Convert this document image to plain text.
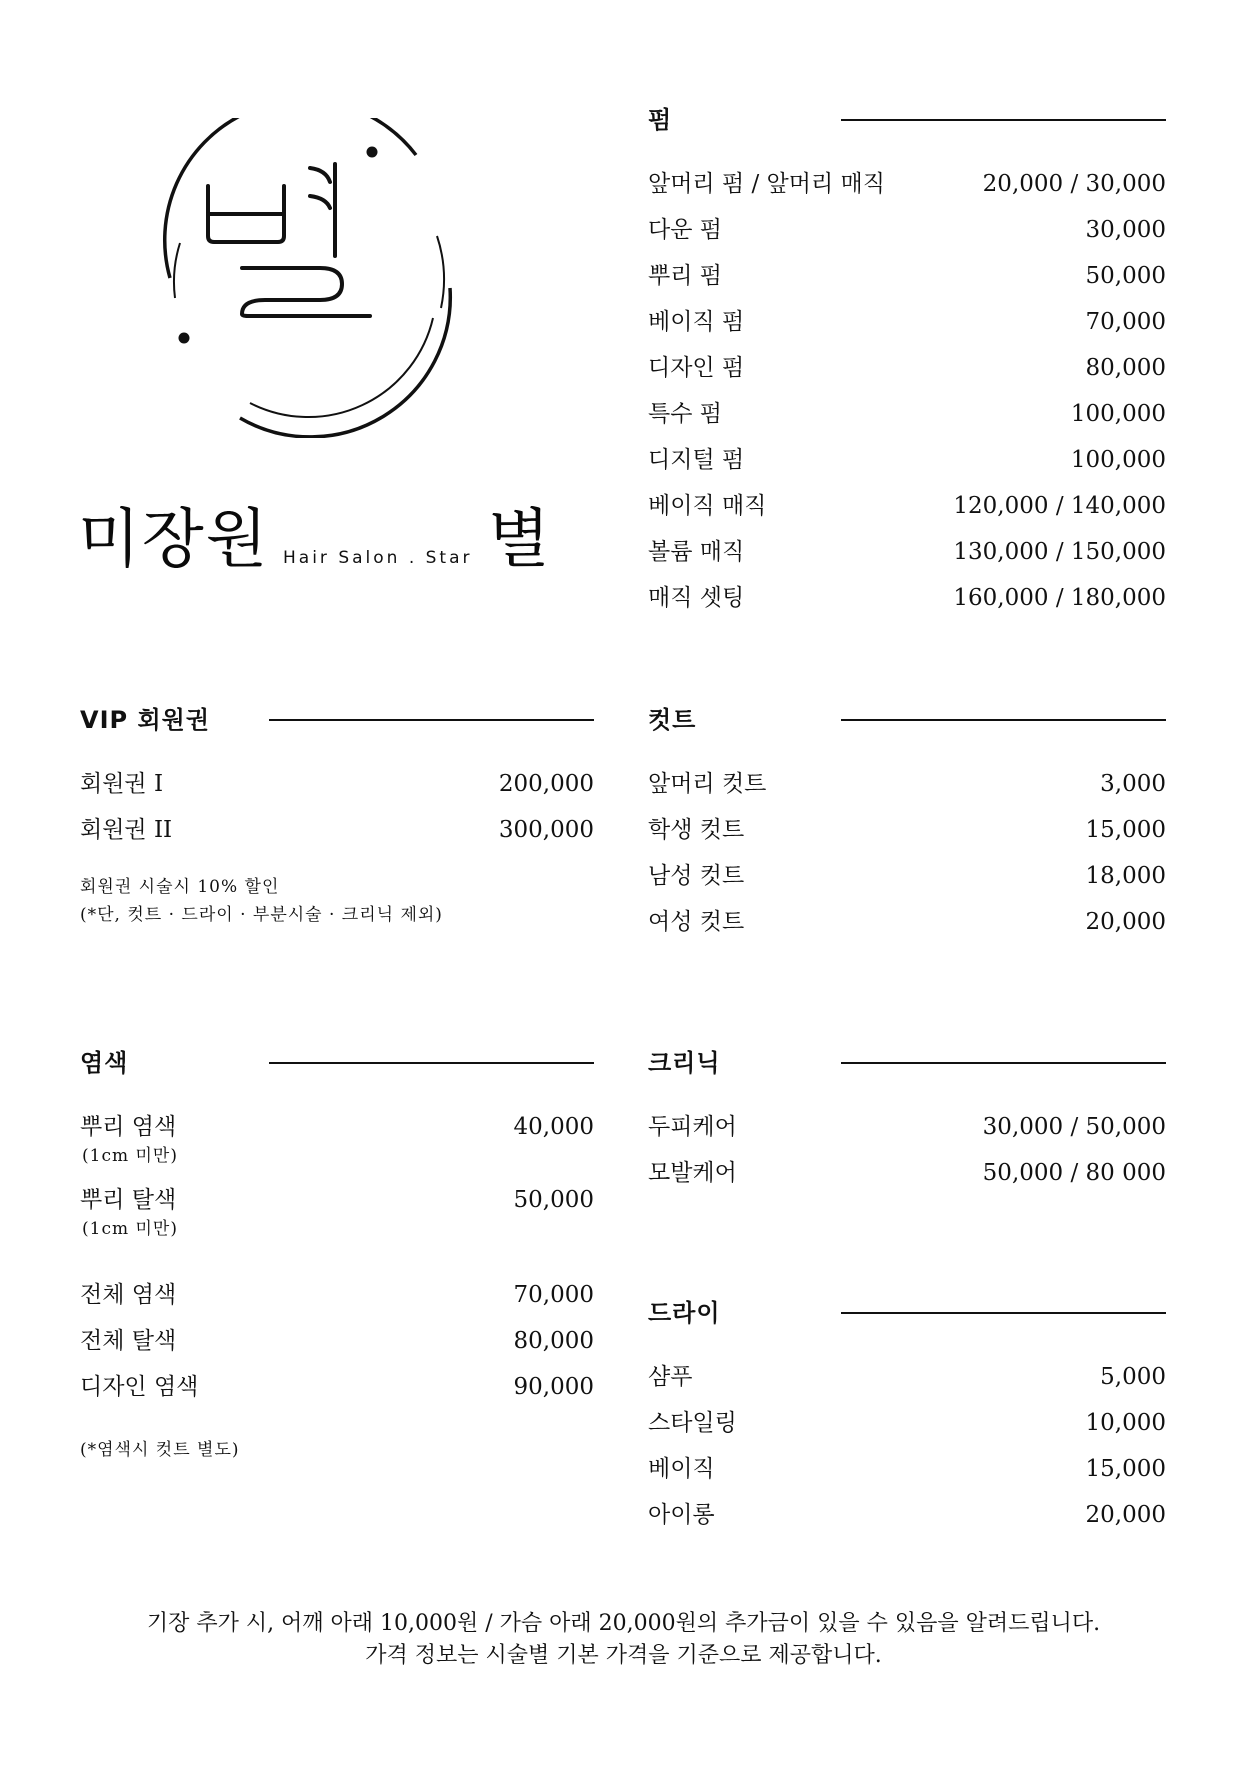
미장원 Hair Salon . Star 별
펌
앞머리 펌 / 앞머리 매직	20,000 / 30,000
다운 펌	30,000
뿌리 펌	50,000
베이직 펌	70,000
디자인 펌	80,000
특수 펌	100,000
디지털 펌	100,000
베이직 매직	120,000 / 140,000
볼륨 매직	130,000 / 150,000
매직 셋팅	160,000 / 180,000
VIP 회원권
회원권 I	200,000
회원권 II	300,000
회원권 시술시 10% 할인
(*단, 컷트 · 드라이 · 부분시술 · 크리닉 제외)
컷트
앞머리 컷트	3,000
학생 컷트	15,000
남성 컷트	18,000
여성 컷트	20,000
염색
뿌리 염색	40,000
(1cm 미만)
뿌리 탈색	50,000
(1cm 미만)
전체 염색	70,000
전체 탈색	80,000
디자인 염색	90,000
(*염색시 컷트 별도)
크리닉
두피케어	30,000 / 50,000
모발케어	50,000 / 80 000
드라이
샴푸	5,000
스타일링	10,000
베이직	15,000
아이롱	20,000
기장 추가 시, 어깨 아래 10,000원 / 가슴 아래 20,000원의 추가금이 있을 수 있음을 알려드립니다.
가격 정보는 시술별 기본 가격을 기준으로 제공합니다.
